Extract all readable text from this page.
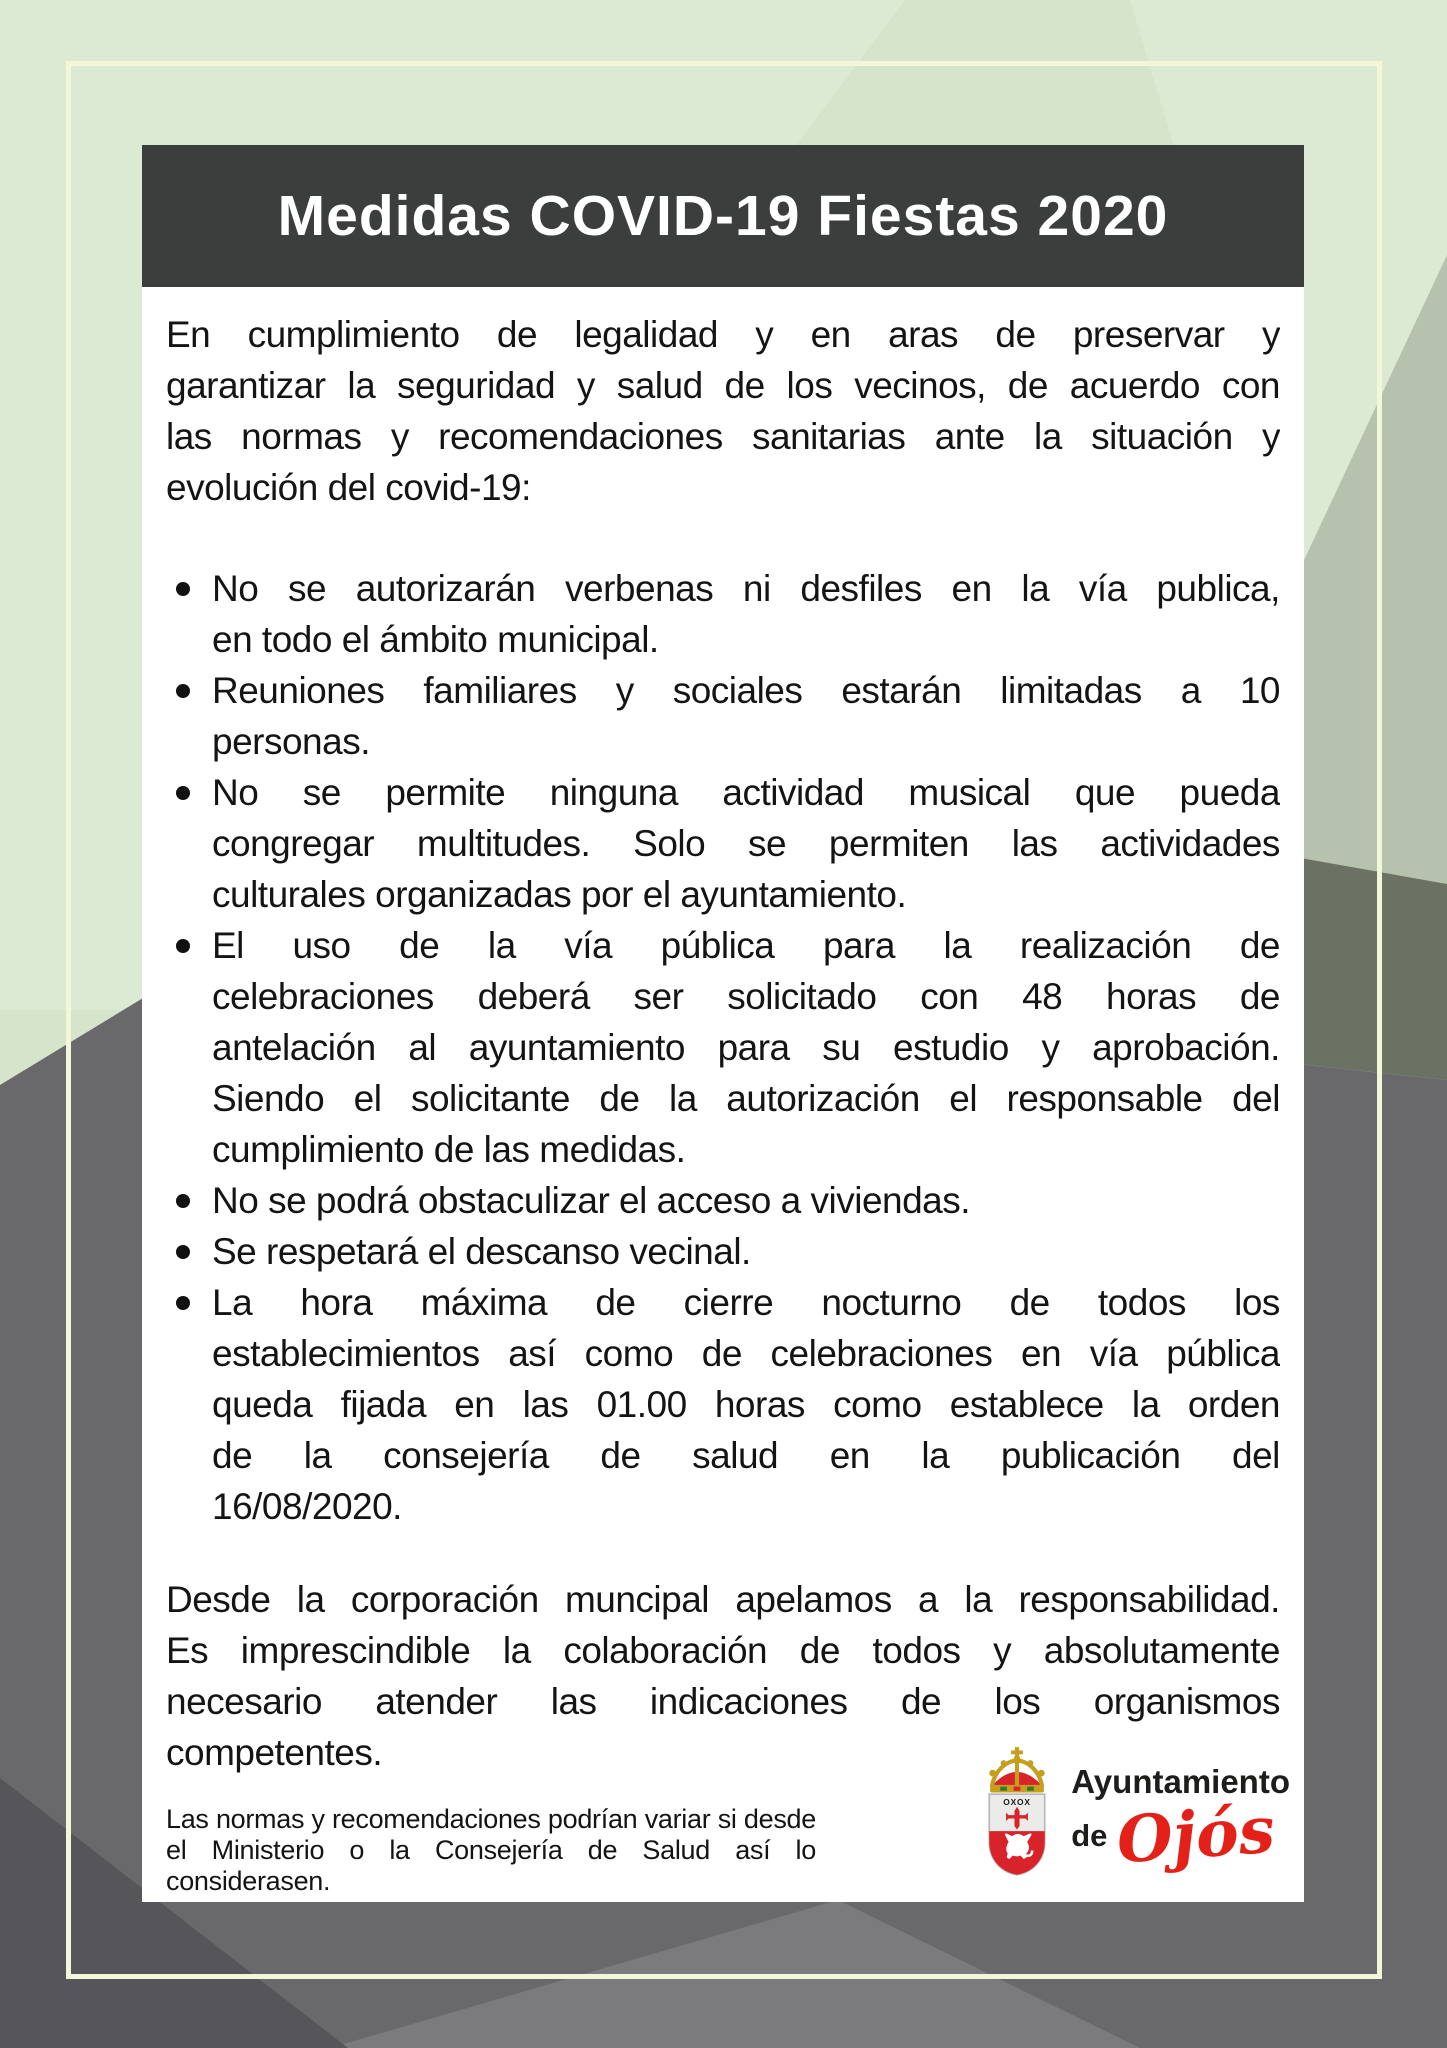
Medidas COVID-19 Fiestas 2020
En cumplimiento de legalidad y en aras de preservar y
garantizar la seguridad y salud de los vecinos, de acuerdo con
las normas y recomendaciones sanitarias ante la situación y
evolución del covid-19:
No se autorizarán verbenas ni desfiles en la vía publica,
en todo el ámbito municipal.
Reuniones familiares y sociales estarán limitadas a 10
personas.
No se permite ninguna actividad musical que pueda
congregar multitudes. Solo se permiten las actividades
culturales organizadas por el ayuntamiento.
El uso de la vía pública para la realización de
celebraciones deberá ser solicitado con 48 horas de
antelación al ayuntamiento para su estudio y aprobación.
Siendo el solicitante de la autorización el responsable del
cumplimiento de las medidas.
No se podrá obstaculizar el acceso a viviendas.
Se respetará el descanso vecinal.
La hora máxima de cierre nocturno de todos los
establecimientos así como de celebraciones en vía pública
queda fijada en las 01.00 horas como establece la orden
de la consejería de salud en la publicación del
16/08/2020.
Desde la corporación muncipal apelamos a la responsabilidad.
Es imprescindible la colaboración de todos y absolutamente
necesario atender las indicaciones de los organismos
competentes.
Las normas y recomendaciones podrían variar si desde
el Ministerio o la Consejería de Salud así lo
considerasen.
OXOX
Ayuntamiento
de Ojós
